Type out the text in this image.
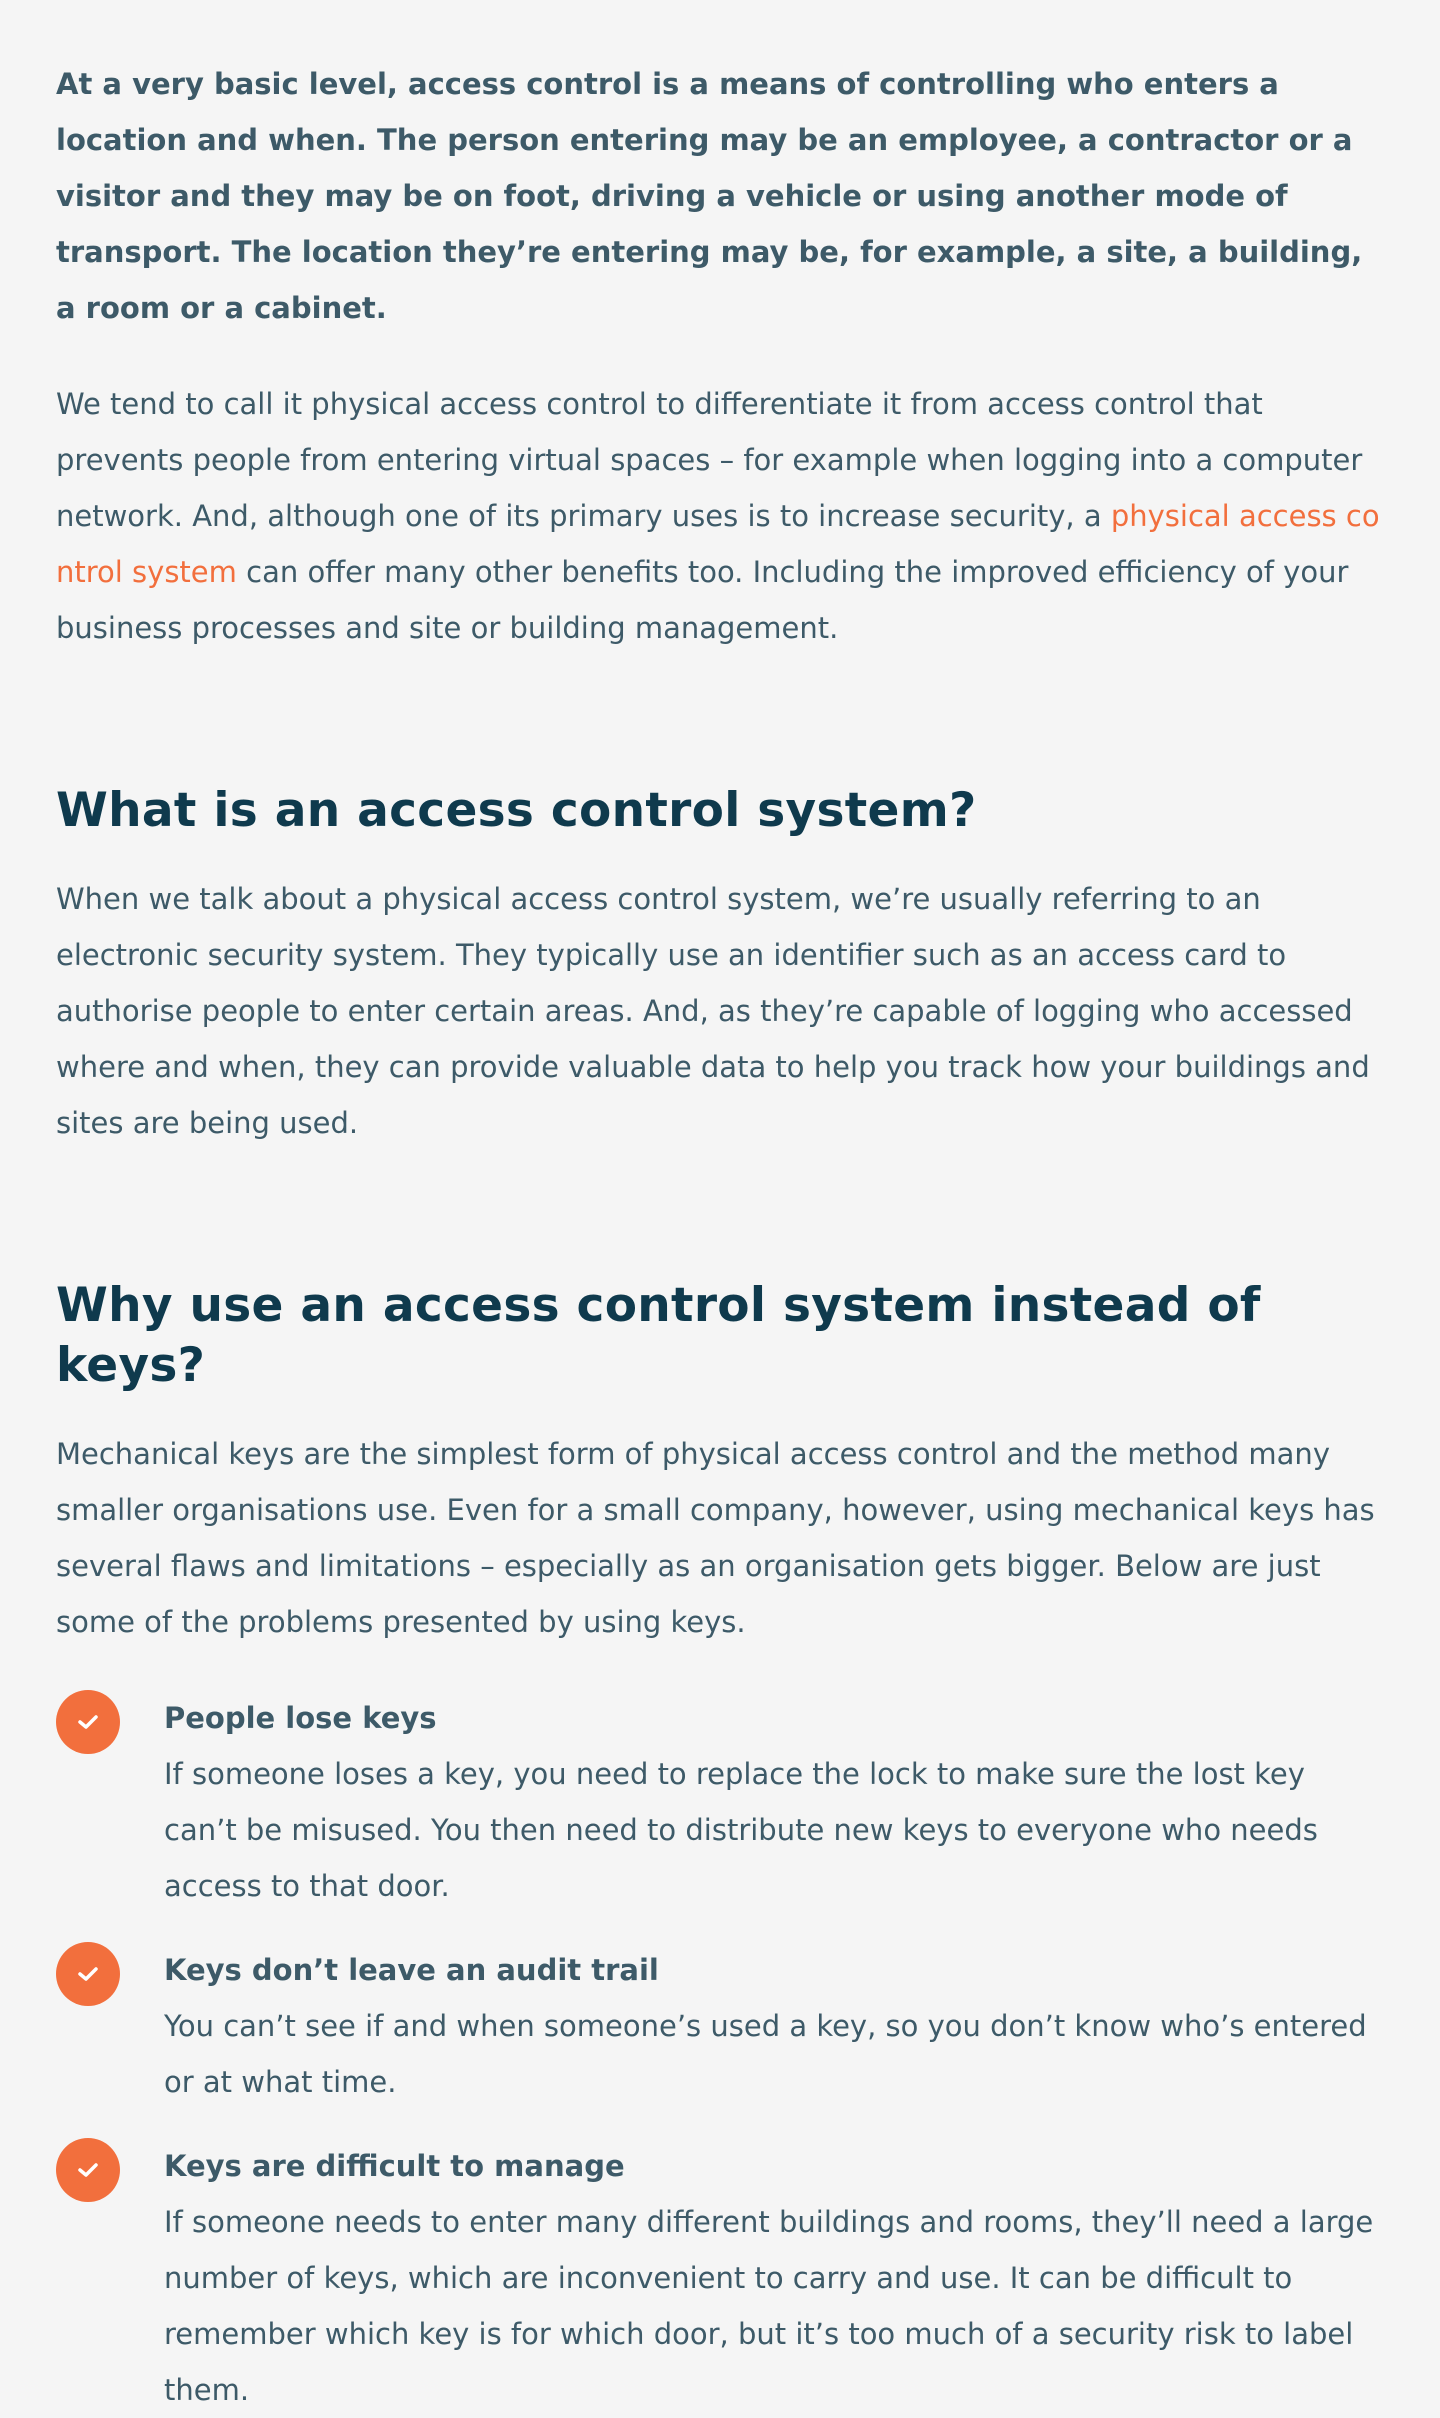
At a very basic level, access control is a means of controlling who enters a location and when. The person entering may be an employee, a contractor or a visitor and they may be on foot, driving a vehicle or using another mode of transport. The location they’re entering may be, for example, a site, a building, a room or a cabinet.

We tend to call it physical access control to differentiate it from access control that prevents people from entering virtual spaces – for example when logging into a computer network. And, although one of its primary uses is to increase security, a physical access control system can offer many other benefits too. Including the improved efficiency of your business processes and site or building management.

What is an access control system?

When we talk about a physical access control system, we’re usually referring to an electronic security system. They typically use an identifier such as an access card to authorise people to enter certain areas. And, as they’re capable of logging who accessed where and when, they can provide valuable data to help you track how your buildings and sites are being used.

Why use an access control system instead of keys?

Mechanical keys are the simplest form of physical access control and the method many smaller organisations use. Even for a small company, however, using mechanical keys has several flaws and limitations – especially as an organisation gets bigger. Below are just some of the problems presented by using keys.

People lose keys
If someone loses a key, you need to replace the lock to make sure the lost key can’t be misused. You then need to distribute new keys to everyone who needs access to that door.
Keys don’t leave an audit trail
You can’t see if and when someone’s used a key, so you don’t know who’s entered or at what time.
Keys are difficult to manage
If someone needs to enter many different buildings and rooms, they’ll need a large number of keys, which are inconvenient to carry and use. It can be difficult to remember which key is for which door, but it’s too much of a security risk to label them.
